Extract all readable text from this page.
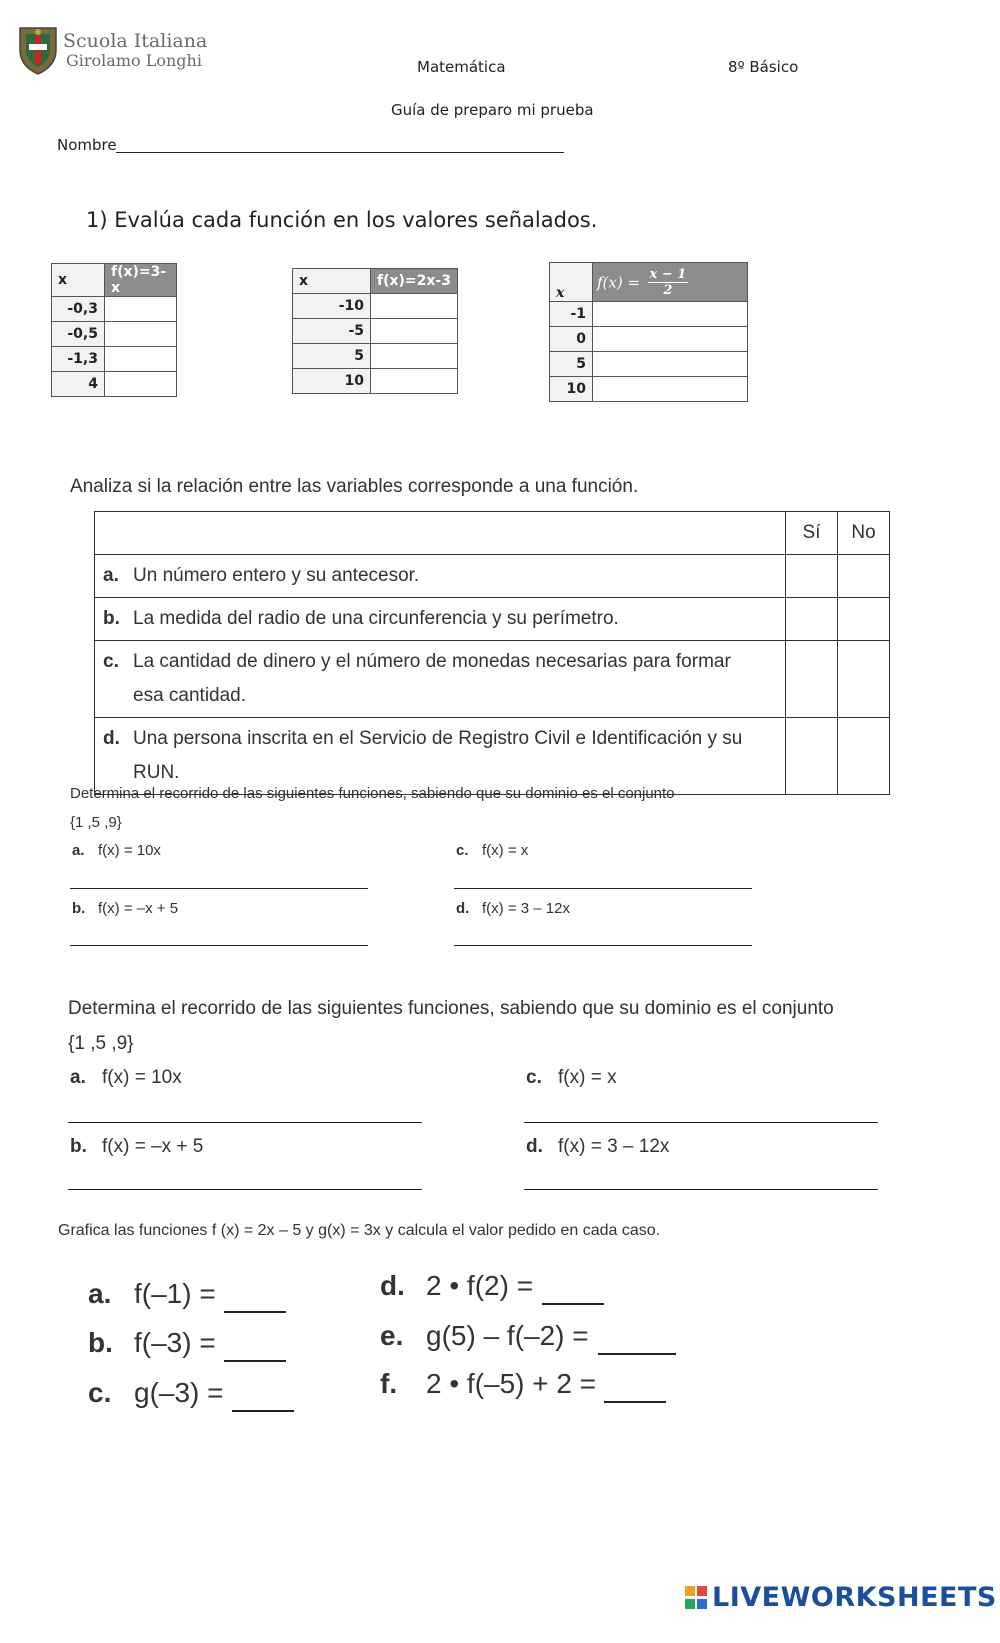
Scuola Italiana
Girolamo Longhi	Matemática	8º Básico
Guía de preparo mi prueba
Nombre
1) Evalúa cada función en los valores señalados.
x	f(x)=3-x
-0,3	
-0,5	
-1,3	
4	
x	f(x)=2x-3
-10	
-5	
5	
10	
x	$f(x) = \frac{x - 1}{2}$

-1	
0	
5	
10	
Analiza si la relación entre las variables corresponde a una función.
	Sí	No
a. Un número entero y su antecesor.		
b. La medida del radio de una circunferencia y su perímetro.		
c. La cantidad de dinero y el número de monedas necesarias para formar
esa cantidad.		
d. Una persona inscrita en el Servicio de Registro Civil e Identificación y su
RUN.		
Determina el recorrido de las siguientes funciones, sabiendo que su dominio es el conjunto
{1 ,5 ,9}
a. f(x) = 10x	c. f(x) = x
b. f(x) = –x + 5	d. f(x) = 3 – 12x
Determina el recorrido de las siguientes funciones, sabiendo que su dominio es el conjunto
{1 ,5 ,9}
a. f(x) = 10x	c. f(x) = x
b. f(x) = –x + 5	d. f(x) = 3 – 12x
Grafica las funciones f (x) = 2x – 5 y g(x) = 3x y calcula el valor pedido en cada caso.
a. f(–1) =
b. f(–3) =
c. g(–3) =
d. 2 • f(2) =
e. g(5) – f(–2) =
f. 2 • f(–5) + 2 =
LIVEWORKSHEETS
